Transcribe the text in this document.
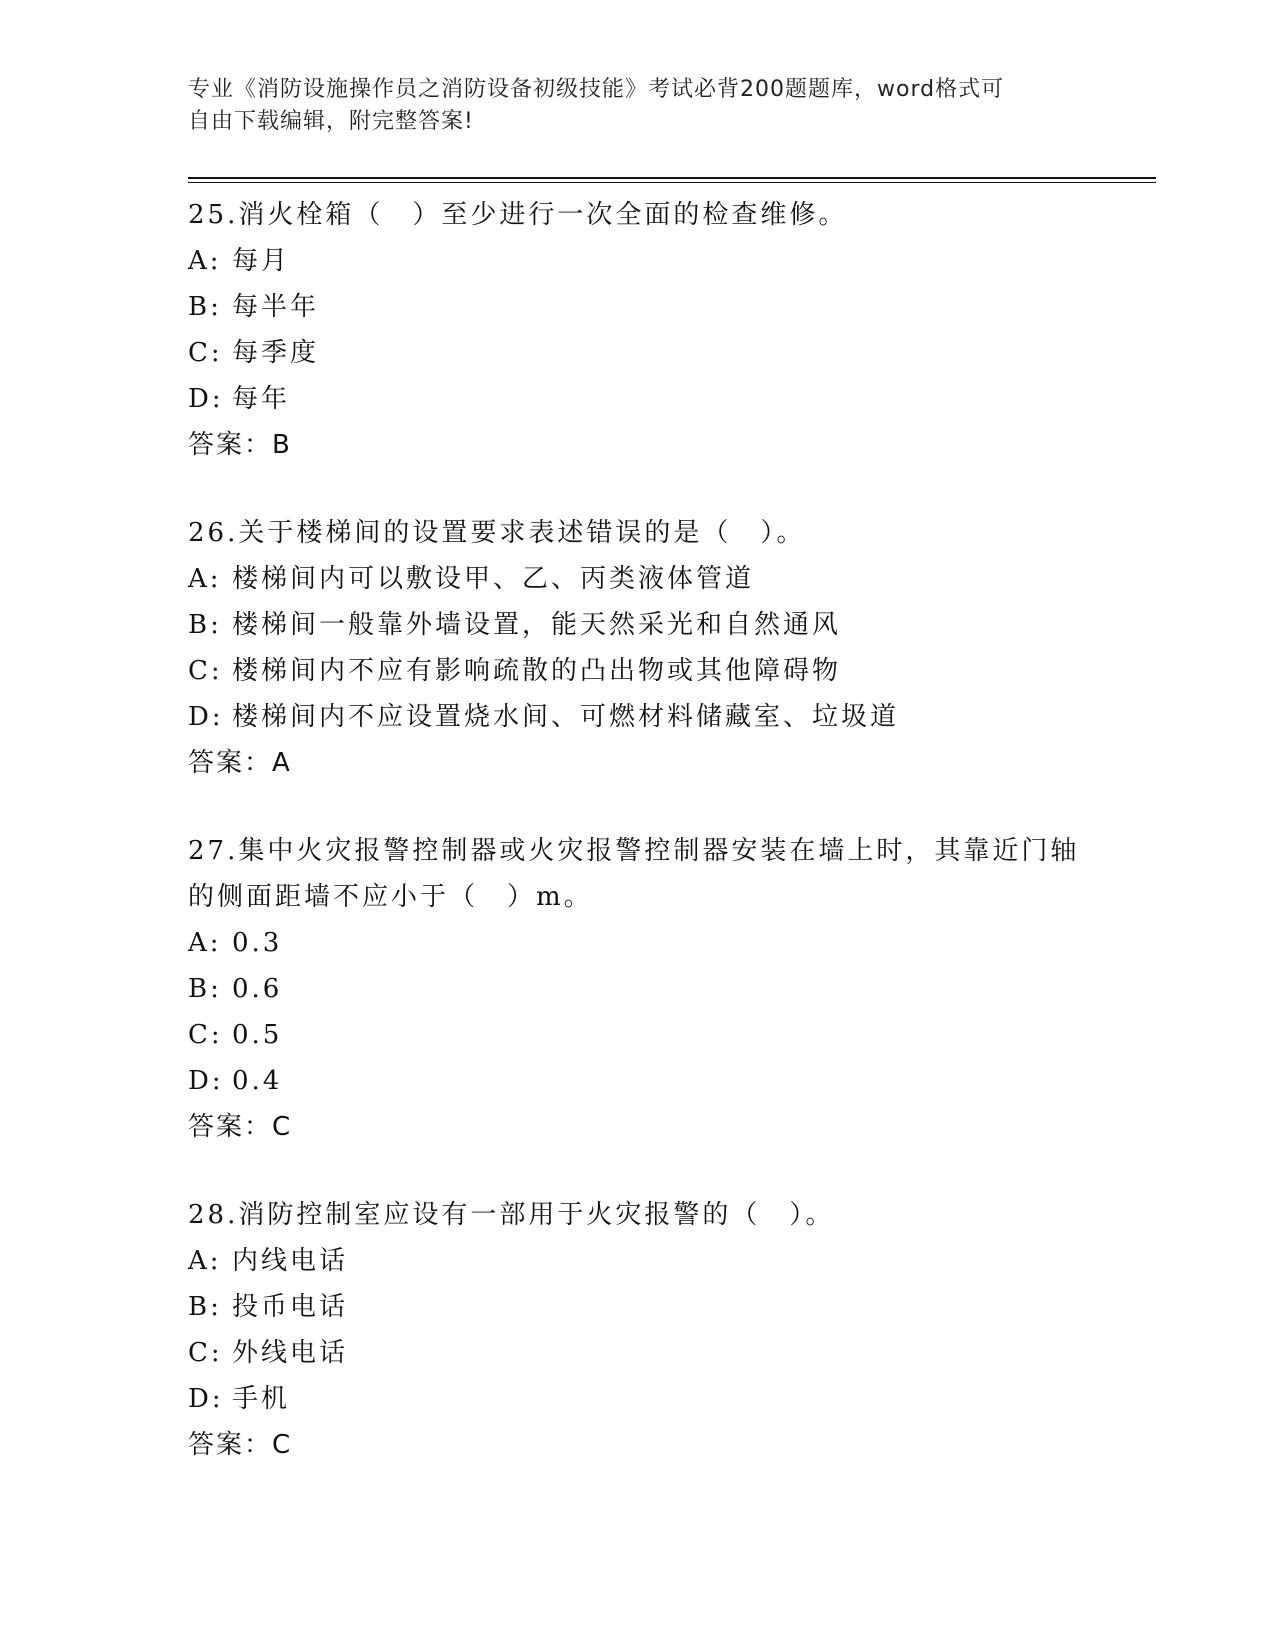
专业《消防设施操作员之消防设备初级技能》考试必背200题题库，word格式可
自由下载编辑，附完整答案!
25.消火栓箱（　）至少进行一次全面的检查维修。
A: 每月
B: 每半年
C: 每季度
D: 每年
答案：B
26.关于楼梯间的设置要求表述错误的是（　）。
A: 楼梯间内可以敷设甲、乙、丙类液体管道
B: 楼梯间一般靠外墙设置，能天然采光和自然通风
C: 楼梯间内不应有影响疏散的凸出物或其他障碍物
D: 楼梯间内不应设置烧水间、可燃材料储藏室、垃圾道
答案：A
27.集中火灾报警控制器或火灾报警控制器安装在墙上时，其靠近门轴
的侧面距墙不应小于（　）m。
A: 0.3
B: 0.6
C: 0.5
D: 0.4
答案：C
28.消防控制室应设有一部用于火灾报警的（　）。
A: 内线电话
B: 投币电话
C: 外线电话
D: 手机
答案：C
